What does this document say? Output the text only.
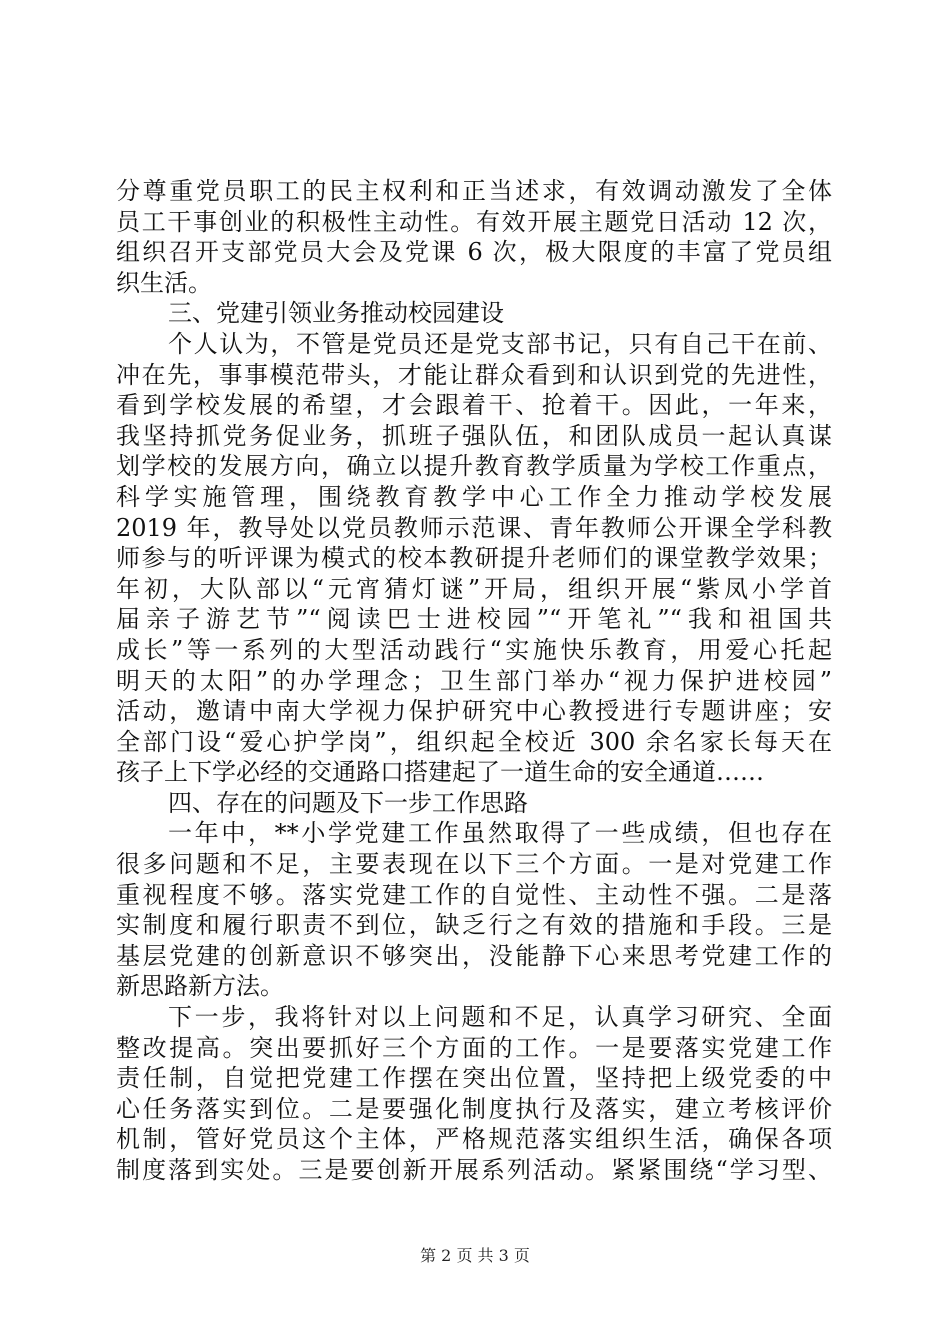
分尊重党员职工的民主权利和正当述求，有效调动激发了全体
员工干事创业的积极性主动性。有效开展主题党日活动 12 次，
组织召开支部党员大会及党课 6 次，极大限度的丰富了党员组
织生活。
三、党建引领业务推动校园建设
个人认为，不管是党员还是党支部书记，只有自己干在前、
冲在先，事事模范带头，才能让群众看到和认识到党的先进性，
看到学校发展的希望，才会跟着干、抢着干。因此，一年来，
我坚持抓党务促业务，抓班子强队伍，和团队成员一起认真谋
划学校的发展方向，确立以提升教育教学质量为学校工作重点，
科学实施管理，围绕教育教学中心工作全力推动学校发展
2019 年，教导处以党员教师示范课、青年教师公开课全学科教
师参与的听评课为模式的校本教研提升老师们的课堂教学效果；
年初，大队部以“元宵猜灯谜”开局，组织开展“紫凤小学首
届亲子游艺节”“阅读巴士进校园”“开笔礼”“我和祖国共
成长”等一系列的大型活动践行“实施快乐教育，用爱心托起
明天的太阳”的办学理念；卫生部门举办“视力保护进校园”
活动，邀请中南大学视力保护研究中心教授进行专题讲座；安
全部门设“爱心护学岗”，组织起全校近 300 余名家长每天在
孩子上下学必经的交通路口搭建起了一道生命的安全通道……
四、存在的问题及下一步工作思路
一年中，**小学党建工作虽然取得了一些成绩，但也存在
很多问题和不足，主要表现在以下三个方面。一是对党建工作
重视程度不够。落实党建工作的自觉性、主动性不强。二是落
实制度和履行职责不到位，缺乏行之有效的措施和手段。三是
基层党建的创新意识不够突出，没能静下心来思考党建工作的
新思路新方法。
下一步，我将针对以上问题和不足，认真学习研究、全面
整改提高。突出要抓好三个方面的工作。一是要落实党建工作
责任制，自觉把党建工作摆在突出位置，坚持把上级党委的中
心任务落实到位。二是要强化制度执行及落实，建立考核评价
机制，管好党员这个主体，严格规范落实组织生活，确保各项
制度落到实处。三是要创新开展系列活动。紧紧围绕“学习型、
第 2 页 共 3 页
